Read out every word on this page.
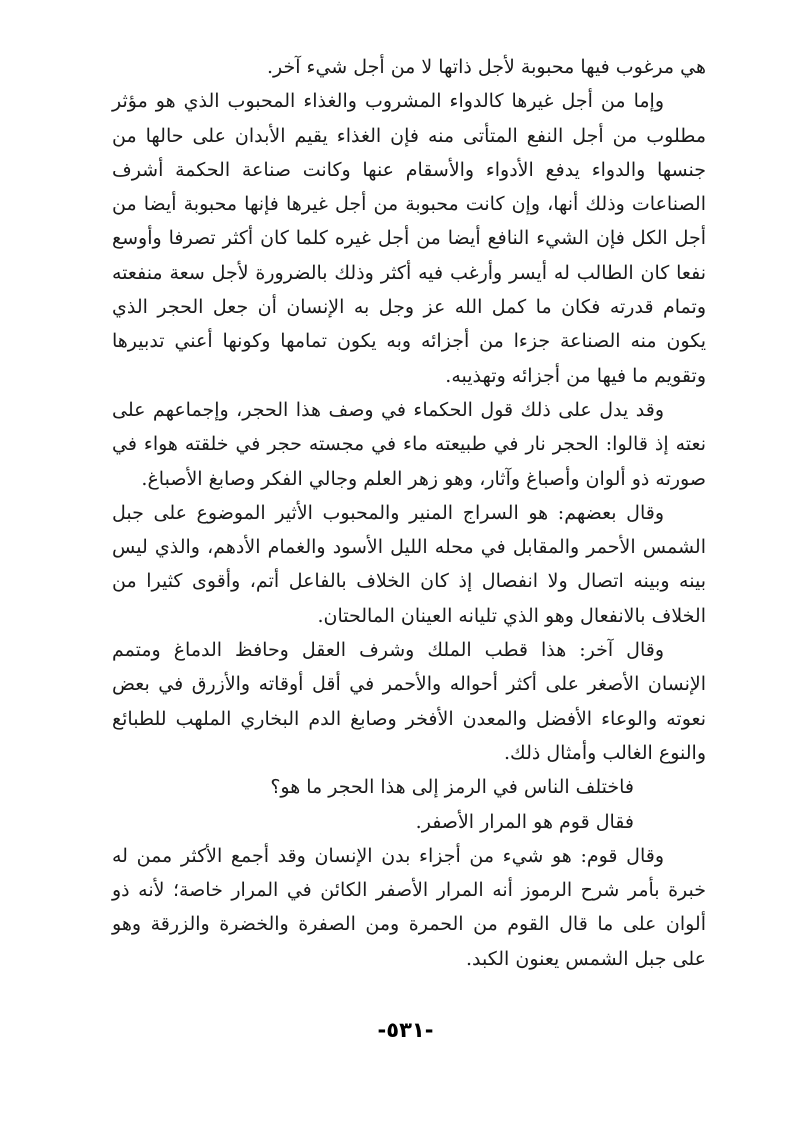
هي مرغوب فيها محبوبة لأجل ذاتها لا من أجل شيء آخر.

وإما من أجل غيرها كالدواء المشروب والغذاء المحبوب الذي هو مؤثر مطلوب من أجل النفع المتأتى منه فإن الغذاء يقيم الأبدان على حالها من جنسها والدواء يدفع الأدواء والأسقام عنها وكانت صناعة الحكمة أشرف الصناعات وذلك أنها، وإن كانت محبوبة من أجل غيرها فإنها محبوبة أيضا من أجل الكل فإن الشيء النافع أيضا من أجل غيره كلما كان أكثر تصرفا وأوسع نفعا كان الطالب له أيسر وأرغب فيه أكثر وذلك بالضرورة لأجل سعة منفعته وتمام قدرته فكان ما كمل الله عز وجل به الإنسان أن جعل الحجر الذي يكون منه الصناعة جزءا من أجزائه وبه يكون تمامها وكونها أعني تدبيرها وتقويم ما فيها من أجزائه وتهذيبه.

وقد يدل على ذلك قول الحكماء في وصف هذا الحجر، وإجماعهم على نعته إذ قالوا: الحجر نار في طبيعته ماء في مجسته حجر في خلقته هواء في صورته ذو ألوان وأصباغ وآثار، وهو زهر العلم وجالي الفكر وصابغ الأصباغ.

وقال بعضهم: هو السراج المنير والمحبوب الأثير الموضوع على جبل الشمس الأحمر والمقابل في محله الليل الأسود والغمام الأدهم، والذي ليس بينه وبينه اتصال ولا انفصال إذ كان الخلاف بالفاعل أتم، وأقوى كثيرا من الخلاف بالانفعال وهو الذي تليانه العينان المالحتان.

وقال آخر: هذا قطب الملك وشرف العقل وحافظ الدماغ ومتمم الإنسان الأصغر على أكثر أحواله والأحمر في أقل أوقاته والأزرق في بعض نعوته والوعاء الأفضل والمعدن الأفخر وصابغ الدم البخاري الملهب للطبائع والنوع الغالب وأمثال ذلك.

فاختلف الناس في الرمز إلى هذا الحجر ما هو؟

فقال قوم هو المرار الأصفر.

وقال قوم: هو شيء من أجزاء بدن الإنسان وقد أجمع الأكثر ممن له خبرة بأمر شرح الرموز أنه المرار الأصفر الكائن في المرار خاصة؛ لأنه ذو ألوان على ما قال القوم من الحمرة ومن الصفرة والخضرة والزرقة وهو على جبل الشمس يعنون الكبد.

-٥٣١-
